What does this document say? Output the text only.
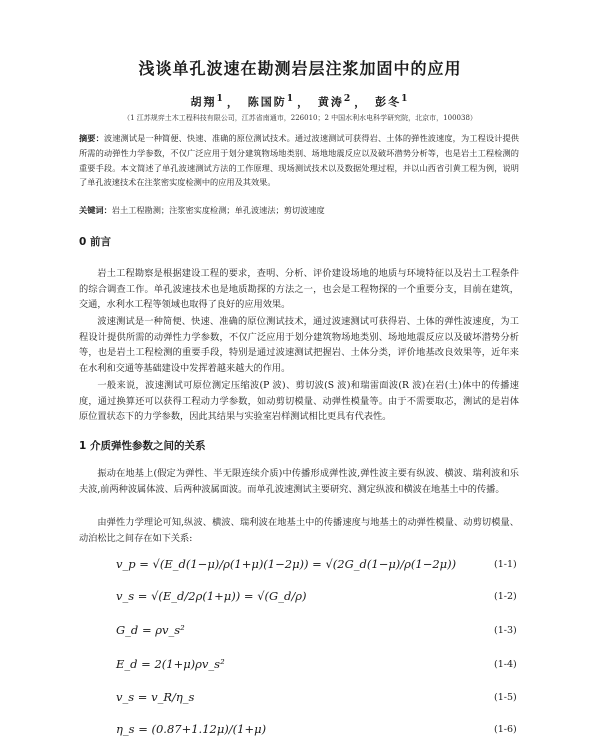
浅谈单孔波速在勘测岩层注浆加固中的应用
胡翔$^1$ ， 陈国防$^1$ ， 黄涛$^2$ ， 彭冬$^1$
（1 江苏规弈土木工程科技有限公司，江苏省南通市，226010；2 中国水利水电科学研究院，北京市，100038）
摘要：波速测试是一种简便、快速、准确的原位测试技术。通过波速测试可获得岩、土体的弹性波速度，为工程设计提供所需的动弹性力学参数，不仅广泛应用于划分建筑物场地类别、场地地震反应以及破坏潜势分析等，也是岩土工程检测的重要手段。本文简述了单孔波速测试方法的工作原理、现场测试技术以及数据处理过程，并以山西省引黄工程为例，说明了单孔波速技术在注浆密实度检测中的应用及其效果。
关键词：岩土工程勘测；注浆密实度检测；单孔波速法；剪切波速度
0 前言

岩土工程勘察是根据建设工程的要求，查明、分析、评价建设场地的地质与环境特征以及岩土工程条件的综合调查工作。单孔波速技术也是地质勘探的方法之一，也会是工程物探的一个重要分支，目前在建筑，交通，水利水工程等领域也取得了良好的应用效果。

波速测试是一种简便、快速、准确的原位测试技术，通过波速测试可获得岩、土体的弹性波速度，为工程设计提供所需的动弹性力学参数，不仅广泛应用于划分建筑物场地类别、场地地震反应以及破坏潜势分析等，也是岩土工程检测的重要手段，特别是通过波速测试把握岩、土体分类，评价地基改良效果等，近年来在水利和交通等基础建设中发挥着越来越大的作用。

一般来说，波速测试可原位测定压缩波(P 波)、剪切波(S 波)和瑞雷面波(R 波)在岩(土)体中的传播速度，通过换算还可以获得工程动力学参数，如动剪切模量、动弹性模量等。由于不需要取芯，测试的是岩体原位置状态下的力学参数，因此其结果与实验室岩样测试相比更具有代表性。

1 介质弹性参数之间的关系

振动在地基上(假定为弹性、半无限连续介质)中传播形成弹性波,弹性波主要有纵波、横波、瑞利波和乐夫波,前两种波属体波、后两种波属面波。而单孔波速测试主要研究、测定纵波和横波在地基土中的传播。

由弹性力学理论可知,纵波、横波、瑞利波在地基土中的传播速度与地基土的动弹性模量、动剪切模量、动泊松比之间存在如下关系:

v_p = √(E_d(1−μ)/ρ(1+μ)(1−2μ)) = √(2G_d(1−μ)/ρ(1−2μ))	(1-1)
v_s = √(E_d/2ρ(1+μ)) = √(G_d/ρ)	(1-2)
G_d = ρv_s²	(1-3)
E_d = 2(1+μ)ρv_s²	(1-4)
v_s = v_R/η_s	(1-5)
η_s = (0.87+1.12μ)/(1+μ)	(1-6)
